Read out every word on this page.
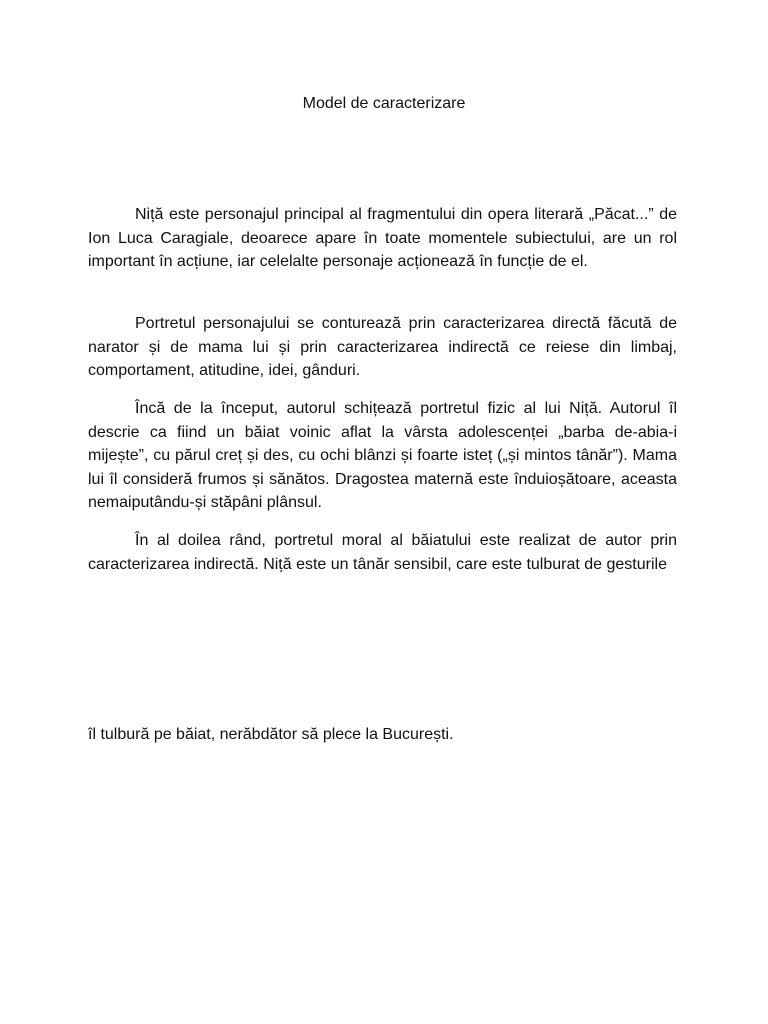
Model de caracterizare

Niță este personajul principal al fragmentului din opera literară „Păcat...” de Ion Luca Caragiale, deoarece apare în toate momentele subiectului, are un rol important în acțiune, iar celelalte personaje acționează în funcție de el.

Portretul personajului se conturează prin caracterizarea directă făcută de narator și de mama lui și prin caracterizarea indirectă ce reiese din limbaj, comportament, atitudine, idei, gânduri.

Încă de la început, autorul schițează portretul fizic al lui Niță. Autorul îl descrie ca fiind un băiat voinic aflat la vârsta adolescenței „barba de-abia-i mijește”, cu părul creț și des, cu ochi blânzi și foarte isteț („și mintos tânăr”). Mama lui îl consideră frumos și sănătos. Dragostea maternă este înduioșătoare, aceasta nemaiputându-și stăpâni plânsul.

În al doilea rând, portretul moral al băiatului este realizat de autor prin caracterizarea indirectă. Niță este un tânăr sensibil, care este tulburat de gesturile

îl tulbură pe băiat, nerăbdător să plece la București.
